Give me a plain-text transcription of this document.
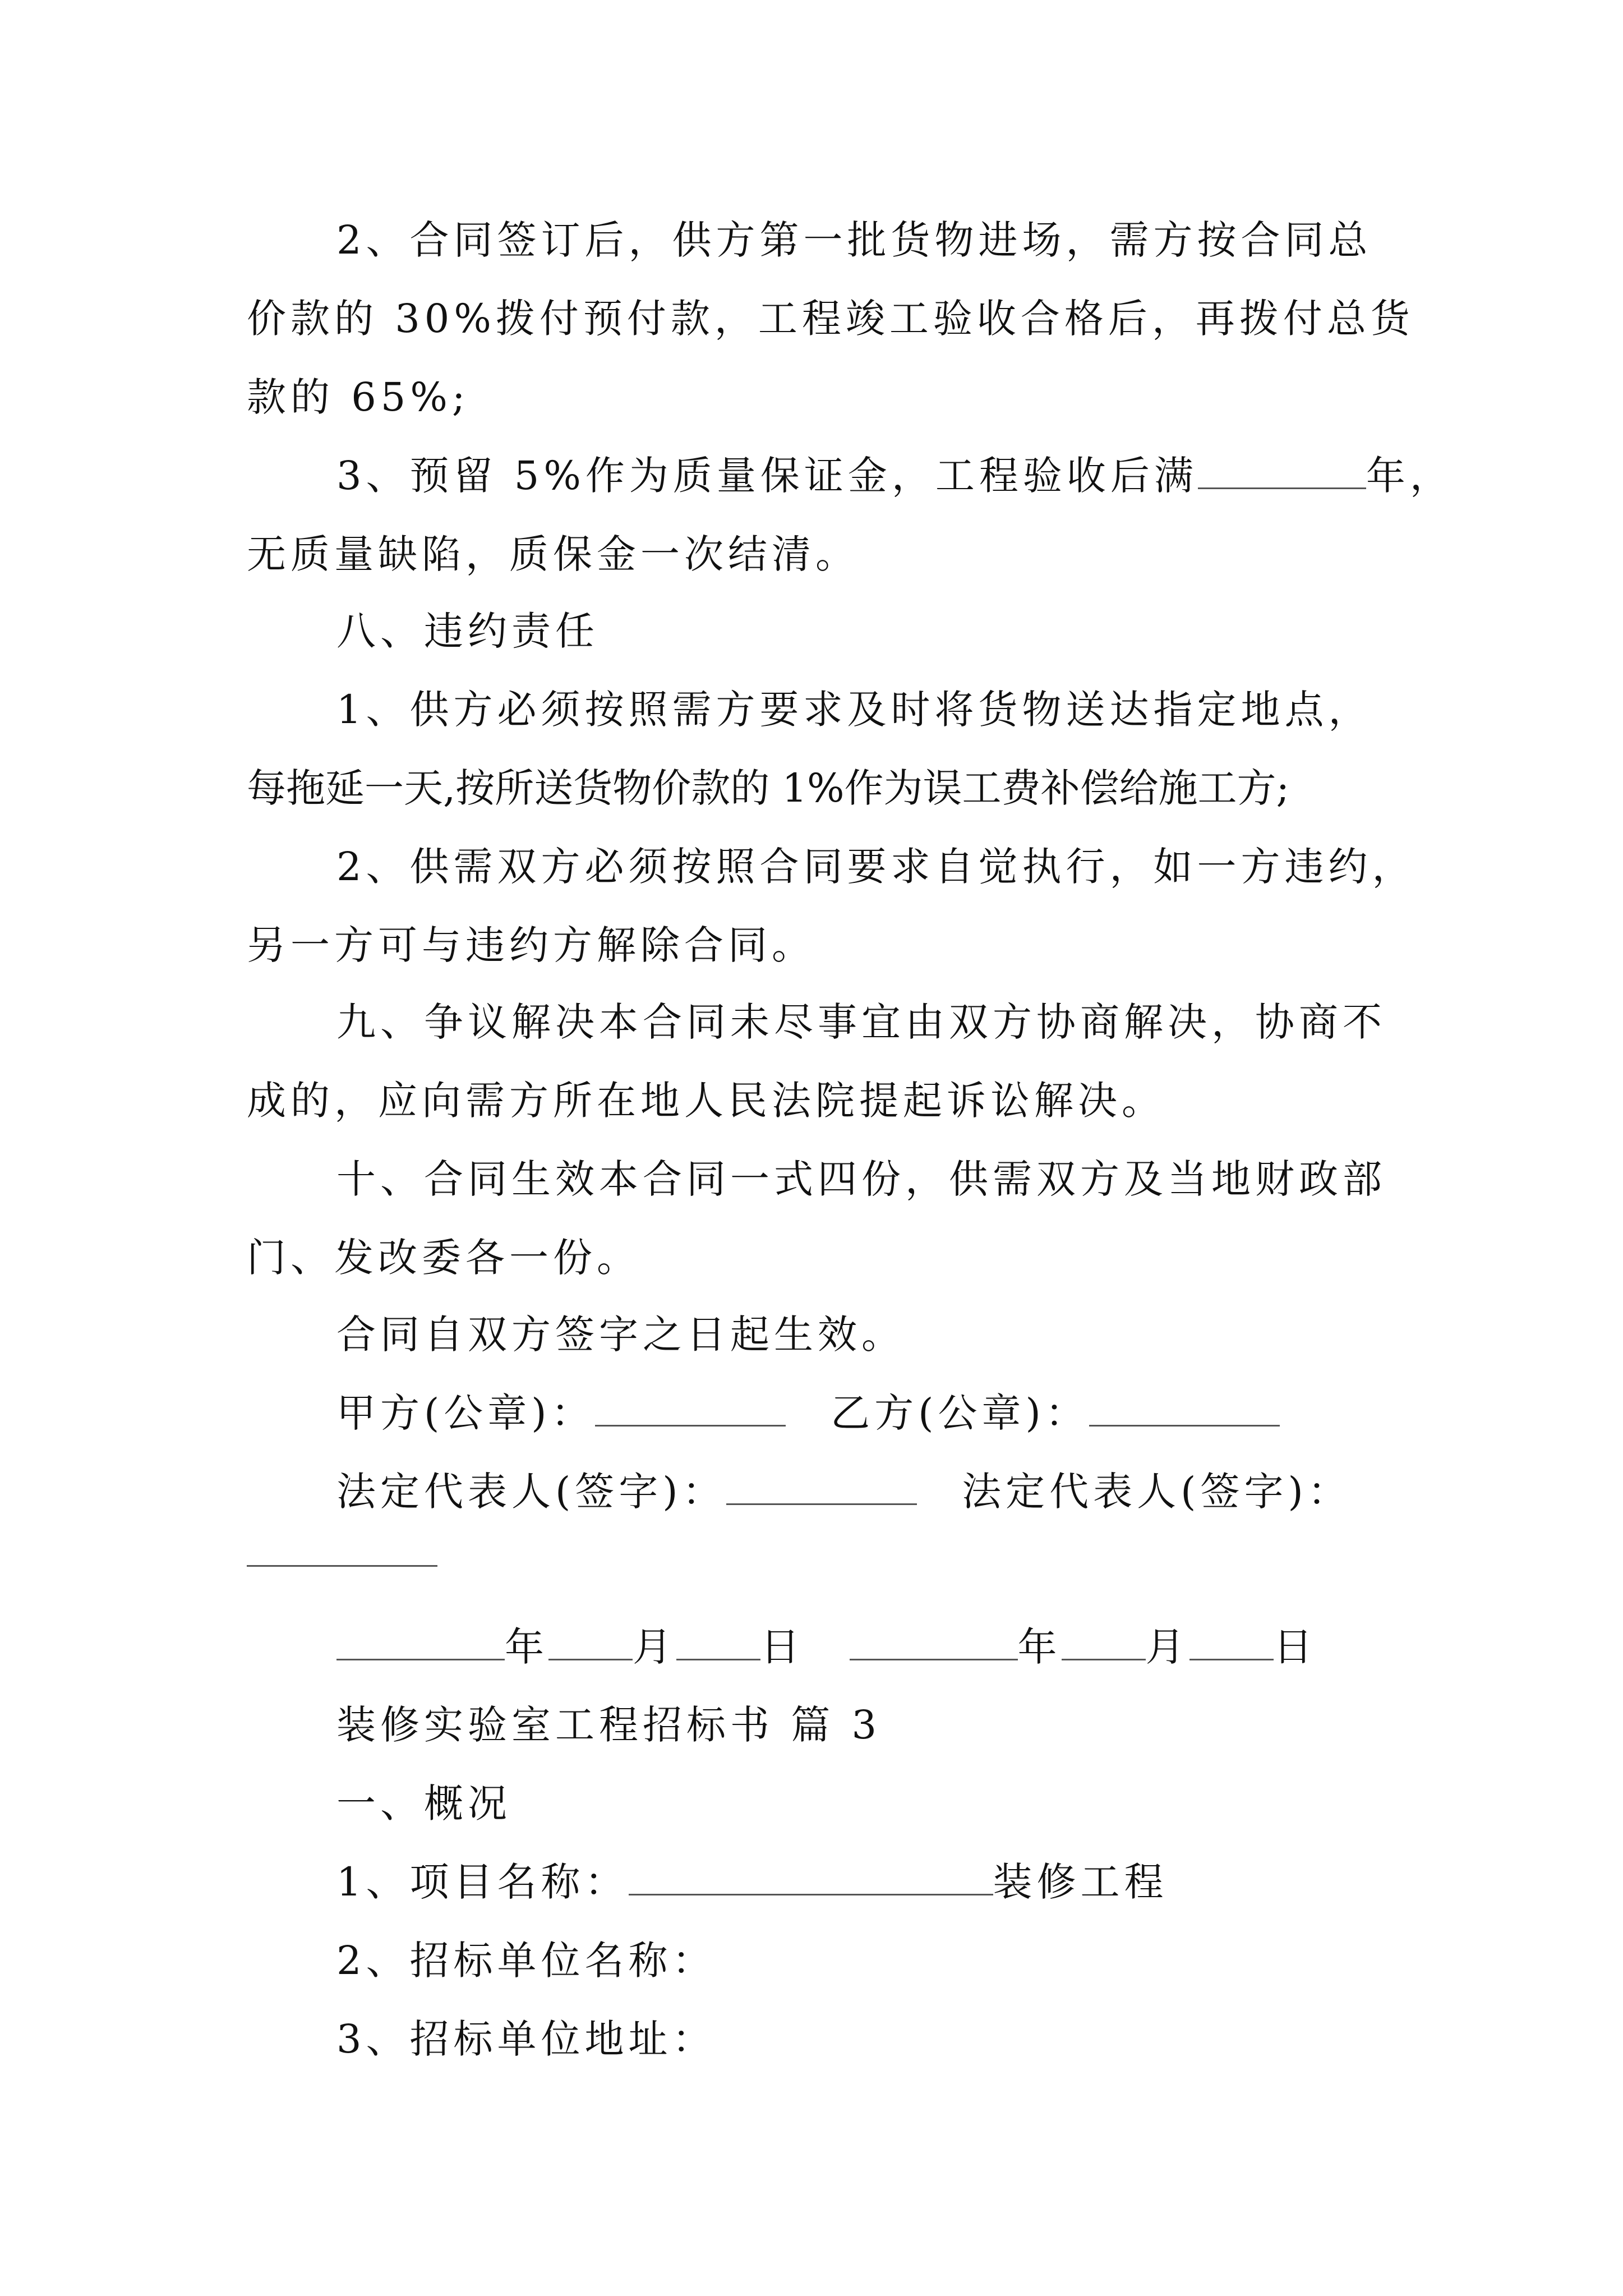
2、合同签订后，供方第一批货物进场，需方按合同总
价款的 30%拨付预付款，工程竣工验收合格后，再拨付总货
款的 65%;
3、预留 5%作为质量保证金，工程验收后满	年，
无质量缺陷，质保金一次结清。
八、违约责任
1、供方必须按照需方要求及时将货物送达指定地点，
每拖延一天,按所送货物价款的 1%作为误工费补偿给施工方;
2、供需双方必须按照合同要求自觉执行，如一方违约，
另一方可与违约方解除合同。
九、争议解决本合同未尽事宜由双方协商解决，协商不
成的，应向需方所在地人民法院提起诉讼解决。
十、合同生效本合同一式四份，供需双方及当地财政部
门、发改委各一份。
合同自双方签字之日起生效。
甲方(公章)：	乙方(公章)：
法定代表人(签字)：	法定代表人(签字)：
年 月 日	年 月 日
装修实验室工程招标书 篇 3
一、概况
1、项目名称：	装修工程
2、招标单位名称：
3、招标单位地址：
